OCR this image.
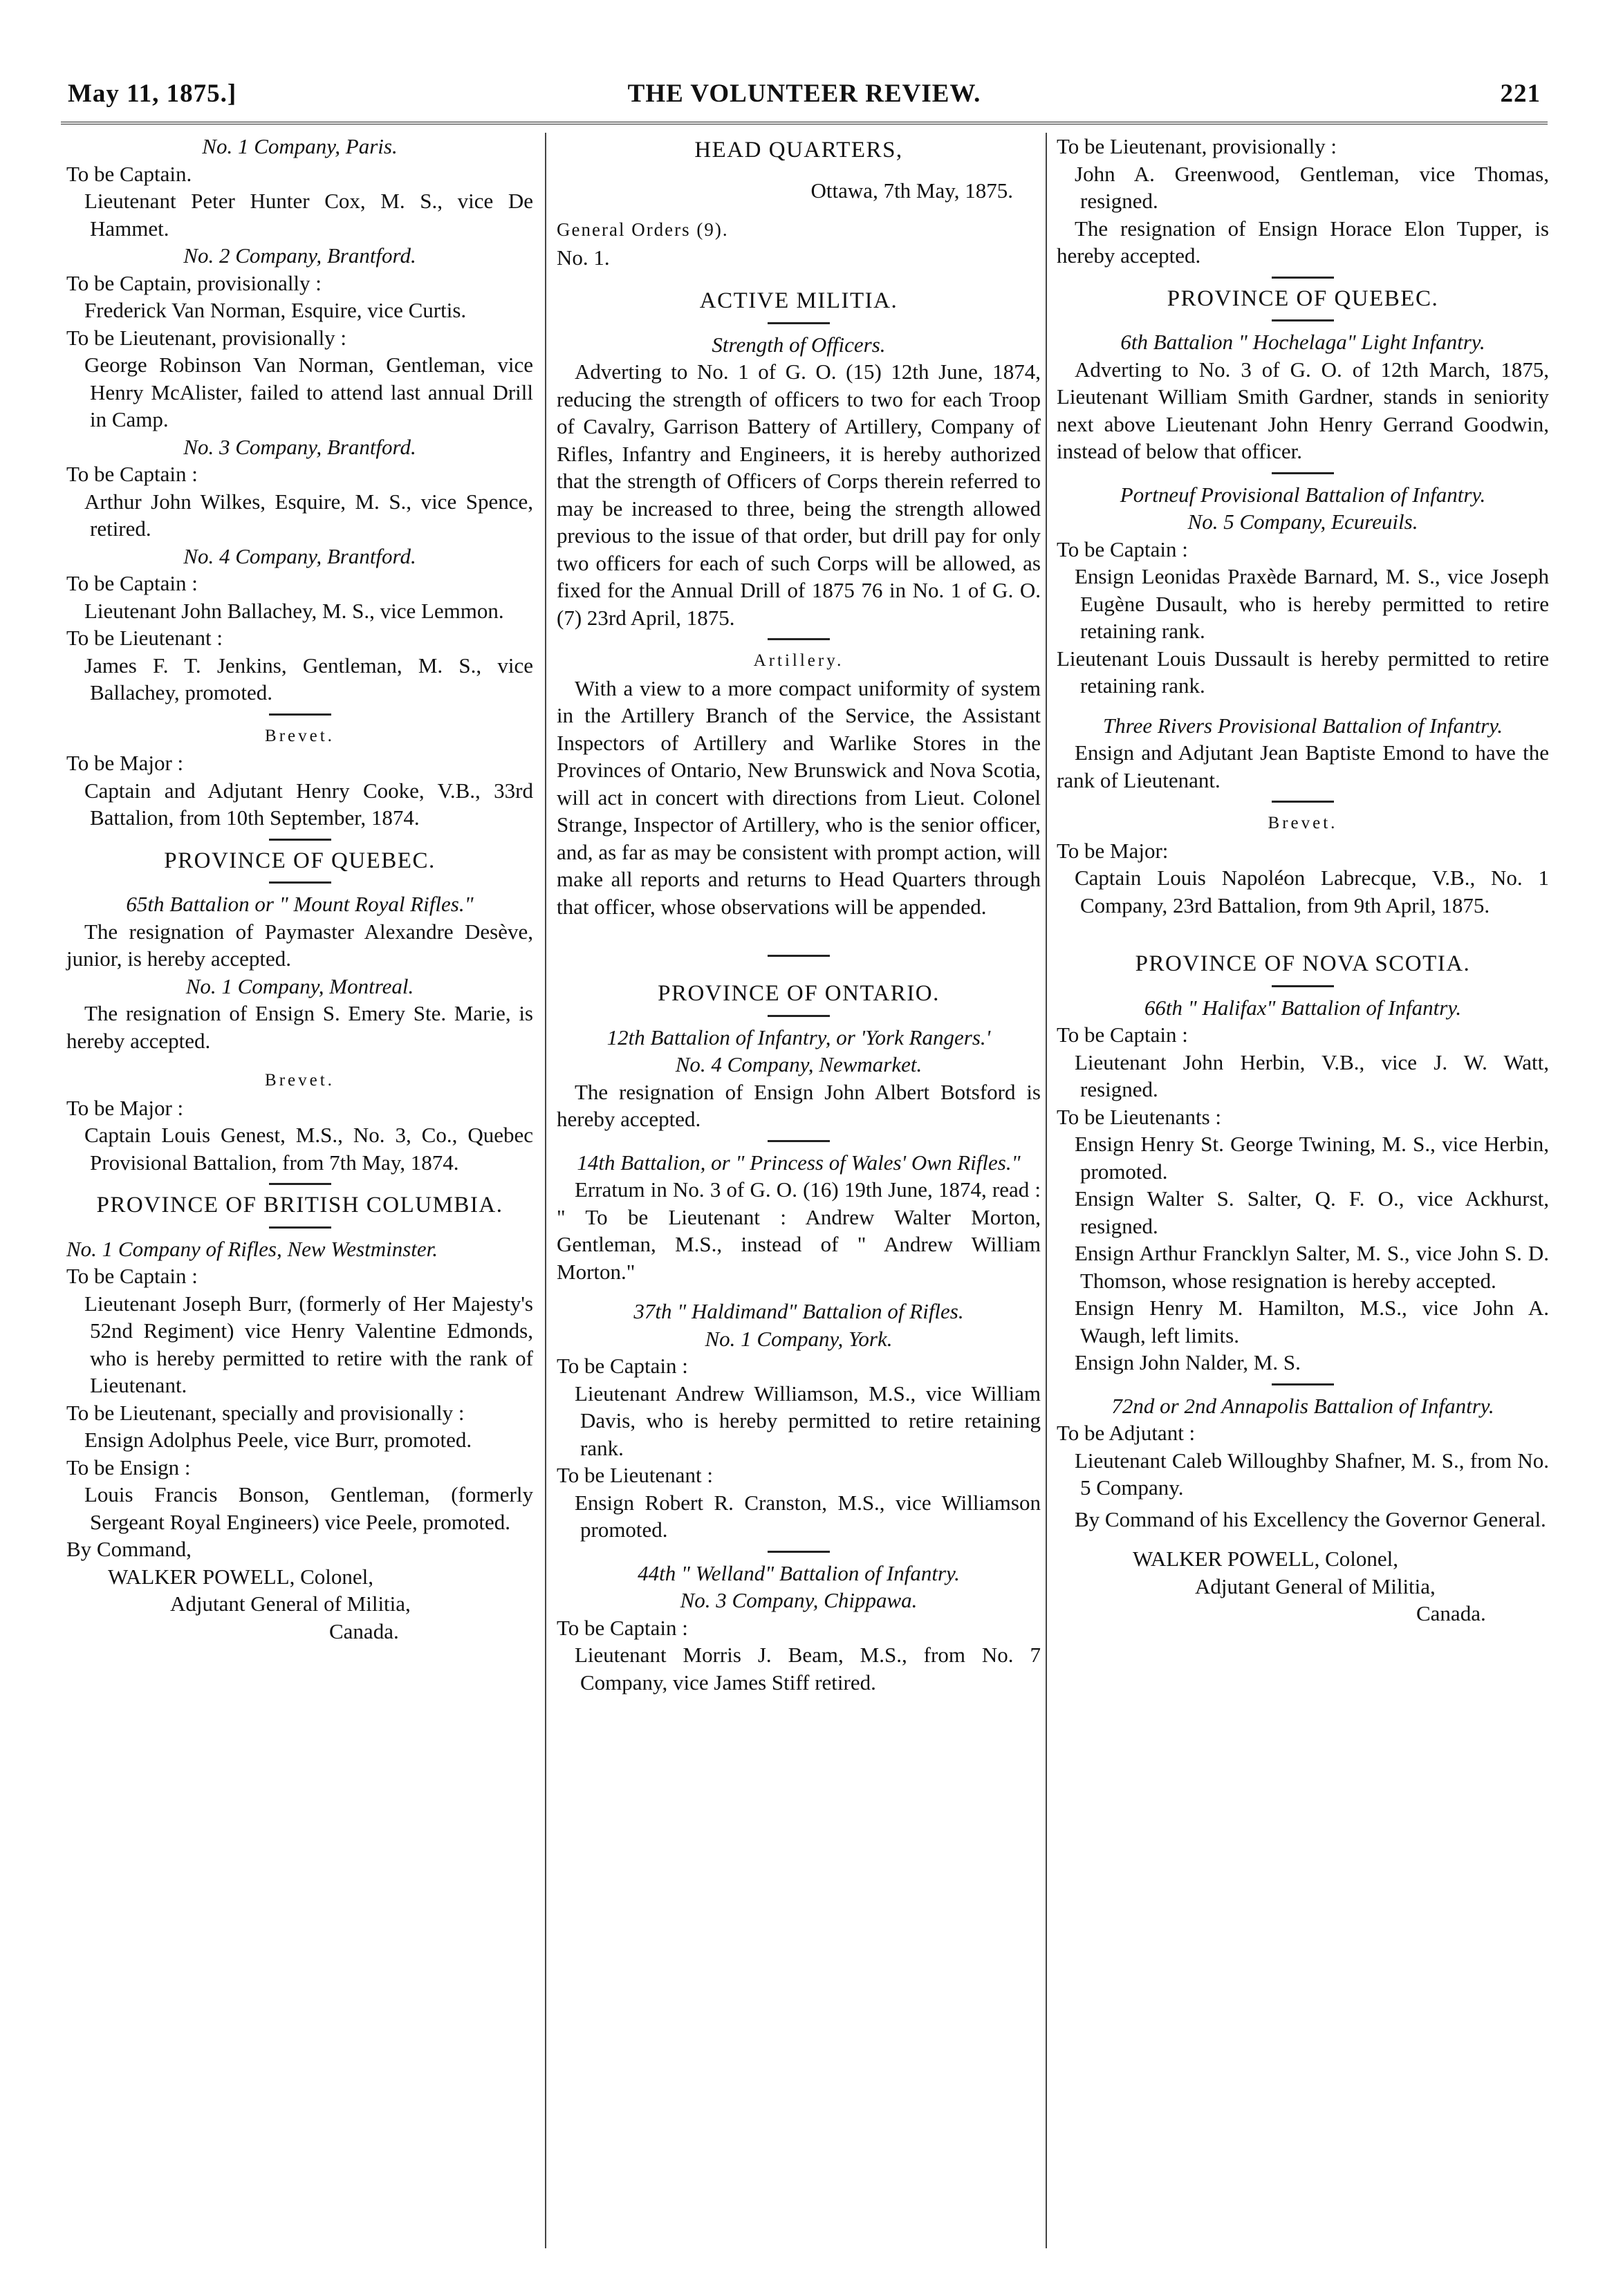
May 11, 1875.]	THE VOLUNTEER REVIEW.	221

No. 1 Company, Paris.

To be Captain.

Lieutenant Peter Hunter Cox, M. S., vice De Hammet.

No. 2 Company, Brantford.

To be Captain, provisionally :

Frederick Van Norman, Esquire, vice Curtis.

To be Lieutenant, provisionally :

George Robinson Van Norman, Gentleman, vice Henry McAlister, failed to attend last annual Drill in Camp.

No. 3 Company, Brantford.

To be Captain :

Arthur John Wilkes, Esquire, M. S., vice Spence, retired.

No. 4 Company, Brantford.

To be Captain :

Lieutenant John Ballachey, M. S., vice Lemmon.

To be Lieutenant :

James F. T. Jenkins, Gentleman, M. S., vice Ballachey, promoted.

Brevet.

To be Major :

Captain and Adjutant Henry Cooke, V.B., 33rd Battalion, from 10th September, 1874.

PROVINCE OF QUEBEC.

65th Battalion or " Mount Royal Rifles."

The resignation of Paymaster Alexandre Desève, junior, is hereby accepted.

No. 1 Company, Montreal.

The resignation of Ensign S. Emery Ste. Marie, is hereby accepted.

Brevet.

To be Major :

Captain Louis Genest, M.S., No. 3, Co., Quebec Provisional Battalion, from 7th May, 1874.

PROVINCE OF BRITISH COLUMBIA.

No. 1 Company of Rifles, New Westminster.

To be Captain :

Lieutenant Joseph Burr, (formerly of Her Majesty's 52nd Regiment) vice Henry Valentine Edmonds, who is hereby permitted to retire with the rank of Lieutenant.

To be Lieutenant, specially and provisionally :

Ensign Adolphus Peele, vice Burr, promoted.

To be Ensign :

Louis Francis Bonson, Gentleman, (formerly Sergeant Royal Engineers) vice Peele, promoted.

By Command,

WALKER POWELL, Colonel,

Adjutant General of Militia,

Canada.

HEAD QUARTERS,

Ottawa, 7th May, 1875.

General Orders (9).

No. 1.

ACTIVE MILITIA.

Strength of Officers.

Adverting to No. 1 of G. O. (15) 12th June, 1874, reducing the strength of officers to two for each Troop of Cavalry, Garrison Battery of Artillery, Company of Rifles, Infantry and Engineers, it is hereby authorized that the strength of Officers of Corps therein referred to may be increased to three, being the strength allowed previous to the issue of that order, but drill pay for only two officers for each of such Corps will be allowed, as fixed for the Annual Drill of 1875 76 in No. 1 of G. O. (7) 23rd April, 1875.

Artillery.

With a view to a more compact uniformity of system in the Artillery Branch of the Service, the Assistant Inspectors of Artillery and Warlike Stores in the Provinces of Ontario, New Brunswick and Nova Scotia, will act in concert with directions from Lieut. Colonel Strange, Inspector of Artillery, who is the senior officer, and, as far as may be consistent with prompt action, will make all reports and returns to Head Quarters through that officer, whose observations will be appended.

PROVINCE OF ONTARIO.

12th Battalion of Infantry, or 'York Rangers.'

No. 4 Company, Newmarket.

The resignation of Ensign John Albert Botsford is hereby accepted.

14th Battalion, or " Princess of Wales' Own Rifles."

Erratum in No. 3 of G. O. (16) 19th June, 1874, read : " To be Lieutenant : Andrew Walter Morton, Gentleman, M.S., instead of " Andrew William Morton."

37th " Haldimand" Battalion of Rifles.

No. 1 Company, York.

To be Captain :

Lieutenant Andrew Williamson, M.S., vice William Davis, who is hereby permitted to retire retaining rank.

To be Lieutenant :

Ensign Robert R. Cranston, M.S., vice Williamson promoted.

44th " Welland" Battalion of Infantry.

No. 3 Company, Chippawa.

To be Captain :

Lieutenant Morris J. Beam, M.S., from No. 7 Company, vice James Stiff retired.

To be Lieutenant, provisionally :

John A. Greenwood, Gentleman, vice Thomas, resigned.

The resignation of Ensign Horace Elon Tupper, is hereby accepted.

PROVINCE OF QUEBEC.

6th Battalion " Hochelaga" Light Infantry.

Adverting to No. 3 of G. O. of 12th March, 1875, Lieutenant William Smith Gardner, stands in seniority next above Lieutenant John Henry Gerrand Goodwin, instead of below that officer.

Portneuf Provisional Battalion of Infantry.

No. 5 Company, Ecureuils.

To be Captain :

Ensign Leonidas Praxède Barnard, M. S., vice Joseph Eugène Dusault, who is hereby permitted to retire retaining rank.

Lieutenant Louis Dussault is hereby permitted to retire retaining rank.

Three Rivers Provisional Battalion of Infantry.

Ensign and Adjutant Jean Baptiste Emond to have the rank of Lieutenant.

Brevet.

To be Major:

Captain Louis Napoléon Labrecque, V.B., No. 1 Company, 23rd Battalion, from 9th April, 1875.

PROVINCE OF NOVA SCOTIA.

66th " Halifax" Battalion of Infantry.

To be Captain :

Lieutenant John Herbin, V.B., vice J. W. Watt, resigned.

To be Lieutenants :

Ensign Henry St. George Twining, M. S., vice Herbin, promoted.

Ensign Walter S. Salter, Q. F. O., vice Ackhurst, resigned.

Ensign Arthur Francklyn Salter, M. S., vice John S. D. Thomson, whose resignation is hereby accepted.

Ensign Henry M. Hamilton, M.S., vice John A. Waugh, left limits.

Ensign John Nalder, M. S.

72nd or 2nd Annapolis Battalion of Infantry.

To be Adjutant :

Lieutenant Caleb Willoughby Shafner, M. S., from No. 5 Company.

By Command of his Excellency the Governor General.

WALKER POWELL, Colonel,

Adjutant General of Militia,

Canada.
